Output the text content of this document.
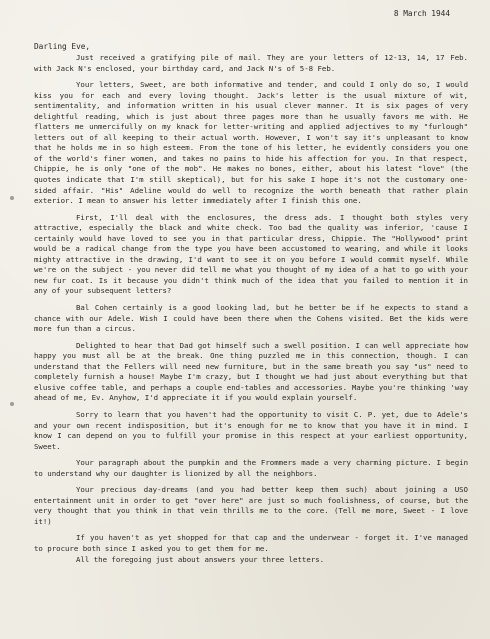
8 March 1944
Darling Eve,

Just received a gratifying pile of mail. They are your letters of 12-13, 14, 17 Feb. with Jack N's enclosed, your birthday card, and Jack N's of 5-8 Feb.

Your letters, Sweet, are both informative and tender, and could I only do so, I would kiss you for each and every loving thought. Jack's letter is the usual mixture of wit, sentimentality, and information written in his usual clever manner. It is six pages of very delightful reading, which is just about three pages more than he usually favors me with. He flatters me unmercifully on my knack for letter-writing and applied adjectives to my "furlough" letters out of all keeping to their actual worth. However, I won't say it's unpleasant to know that he holds me in so high esteem. From the tone of his letter, he evidently considers you one of the world's finer women, and takes no pains to hide his affection for you. In that respect, Chippie, he is only "one of the mob". He makes no bones, either, about his latest "love" (the quotes indicate that I'm still skeptical), but for his sake I hope it's not the customary one-sided affair. "His" Adeline would do well to recognize the worth beneath that rather plain exterior. I mean to answer his letter immediately after I finish this one.

First, I'll deal with the enclosures, the dress ads. I thought both styles very attractive, especially the black and white check. Too bad the quality was inferior, 'cause I certainly would have loved to see you in that particular dress, Chippie. The "Hollywood" print would be a radical change from the type you have been accustomed to wearing, and while it looks mighty attractive in the drawing, I'd want to see it on you before I would commit myself. While we're on the subject - you never did tell me what you thought of my idea of a hat to go with your new fur coat. Is it because you didn't think much of the idea that you failed to mention it in any of your subsequent letters?

Bal Cohen certainly is a good looking lad, but he better be if he expects to stand a chance with our Adele. Wish I could have been there when the Cohens visited. Bet the kids were more fun than a circus.

Delighted to hear that Dad got himself such a swell position. I can well appreciate how happy you must all be at the break. One thing puzzled me in this connection, though. I can understand that the Fellers will need new furniture, but in the same breath you say "us" need to completely furnish a house! Maybe I'm crazy, but I thought we had just about everything but that elusive coffee table, and perhaps a couple end-tables and accessories. Maybe you're thinking 'way ahead of me, Ev. Anyhow, I'd appreciate it if you would explain yourself.

Sorry to learn that you haven't had the opportunity to visit C. P. yet, due to Adele's and your own recent indisposition, but it's enough for me to know that you have it in mind. I know I can depend on you to fulfill your promise in this respect at your earliest opportunity, Sweet.

Your paragraph about the pumpkin and the Frommers made a very charming picture. I begin to understand why our daughter is lionized by all the neighbors.

Your precious day-dreams (and you had better keep them such) about joining a USO entertainment unit in order to get "over here" are just so much foolishness, of course, but the very thought that you think in that vein thrills me to the core. (Tell me more, Sweet - I love it!)

If you haven't as yet shopped for that cap and the underwear - forget it. I've managed to procure both since I asked you to get them for me.

All the foregoing just about answers your three letters.
